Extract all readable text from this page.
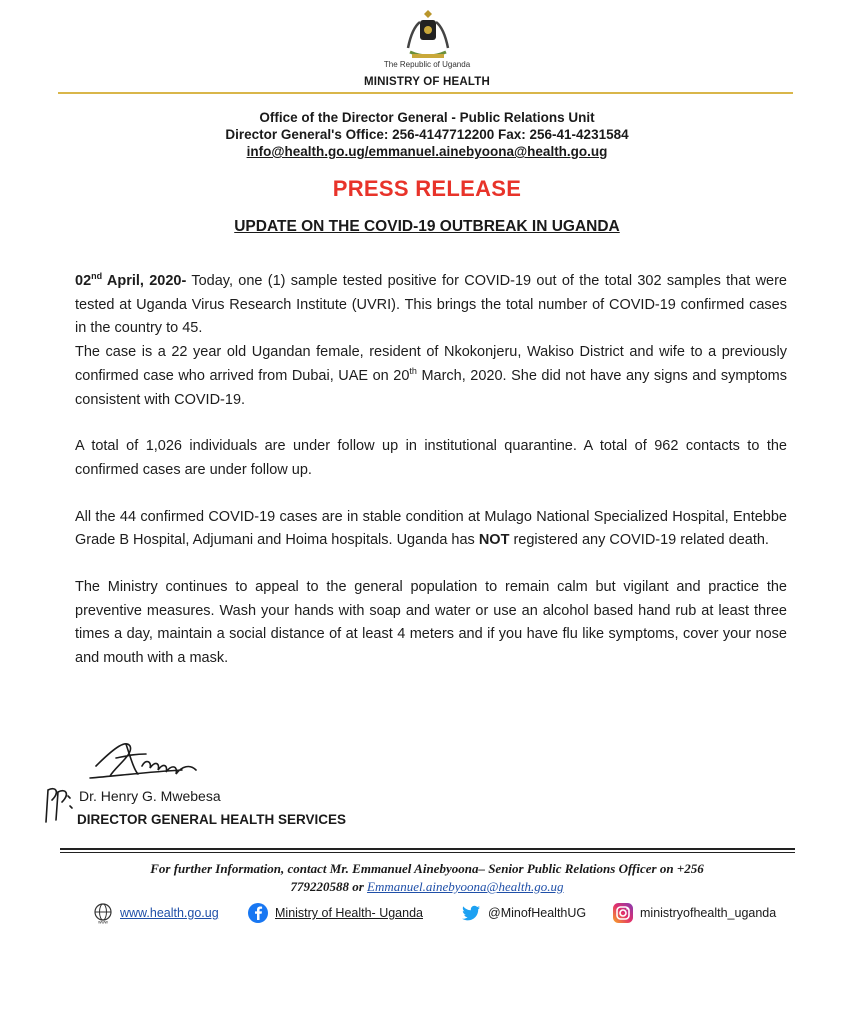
The Republic of Uganda
MINISTRY OF HEALTH
Office of the Director General - Public Relations Unit
Director General's Office: 256-4147712200 Fax: 256-41-4231584
info@health.go.ug/emmanuel.ainebyoona@health.go.ug
PRESS RELEASE
UPDATE ON THE COVID-19 OUTBREAK IN UGANDA

02nd April, 2020- Today, one (1) sample tested positive for COVID-19 out of the total 302 samples that were tested at Uganda Virus Research Institute (UVRI). This brings the total number of COVID-19 confirmed cases in the country to 45.

The case is a 22 year old Ugandan female, resident of Nkokonjeru, Wakiso District and wife to a previously confirmed case who arrived from Dubai, UAE on 20th March, 2020. She did not have any signs and symptoms consistent with COVID-19.

A total of 1,026 individuals are under follow up in institutional quarantine. A total of 962 contacts to the confirmed cases are under follow up.

All the 44 confirmed COVID-19 cases are in stable condition at Mulago National Specialized Hospital, Entebbe Grade B Hospital, Adjumani and Hoima hospitals. Uganda has NOT registered any COVID-19 related death.

The Ministry continues to appeal to the general population to remain calm but vigilant and practice the preventive measures. Wash your hands with soap and water or use an alcohol based hand rub at least three times a day, maintain a social distance of at least 4 meters and if you have flu like symptoms, cover your nose and mouth with a mask.

Dr. Henry G. Mwebesa
DIRECTOR GENERAL HEALTH SERVICES
For further Information, contact Mr. Emmanuel Ainebyoona– Senior Public Relations Officer on +256
779220588 or Emmanuel.ainebyoona@health.go.ug
www
www.health.go.ug	Ministry of Health- Uganda	@MinofHealthUG	ministryofhealth_uganda
